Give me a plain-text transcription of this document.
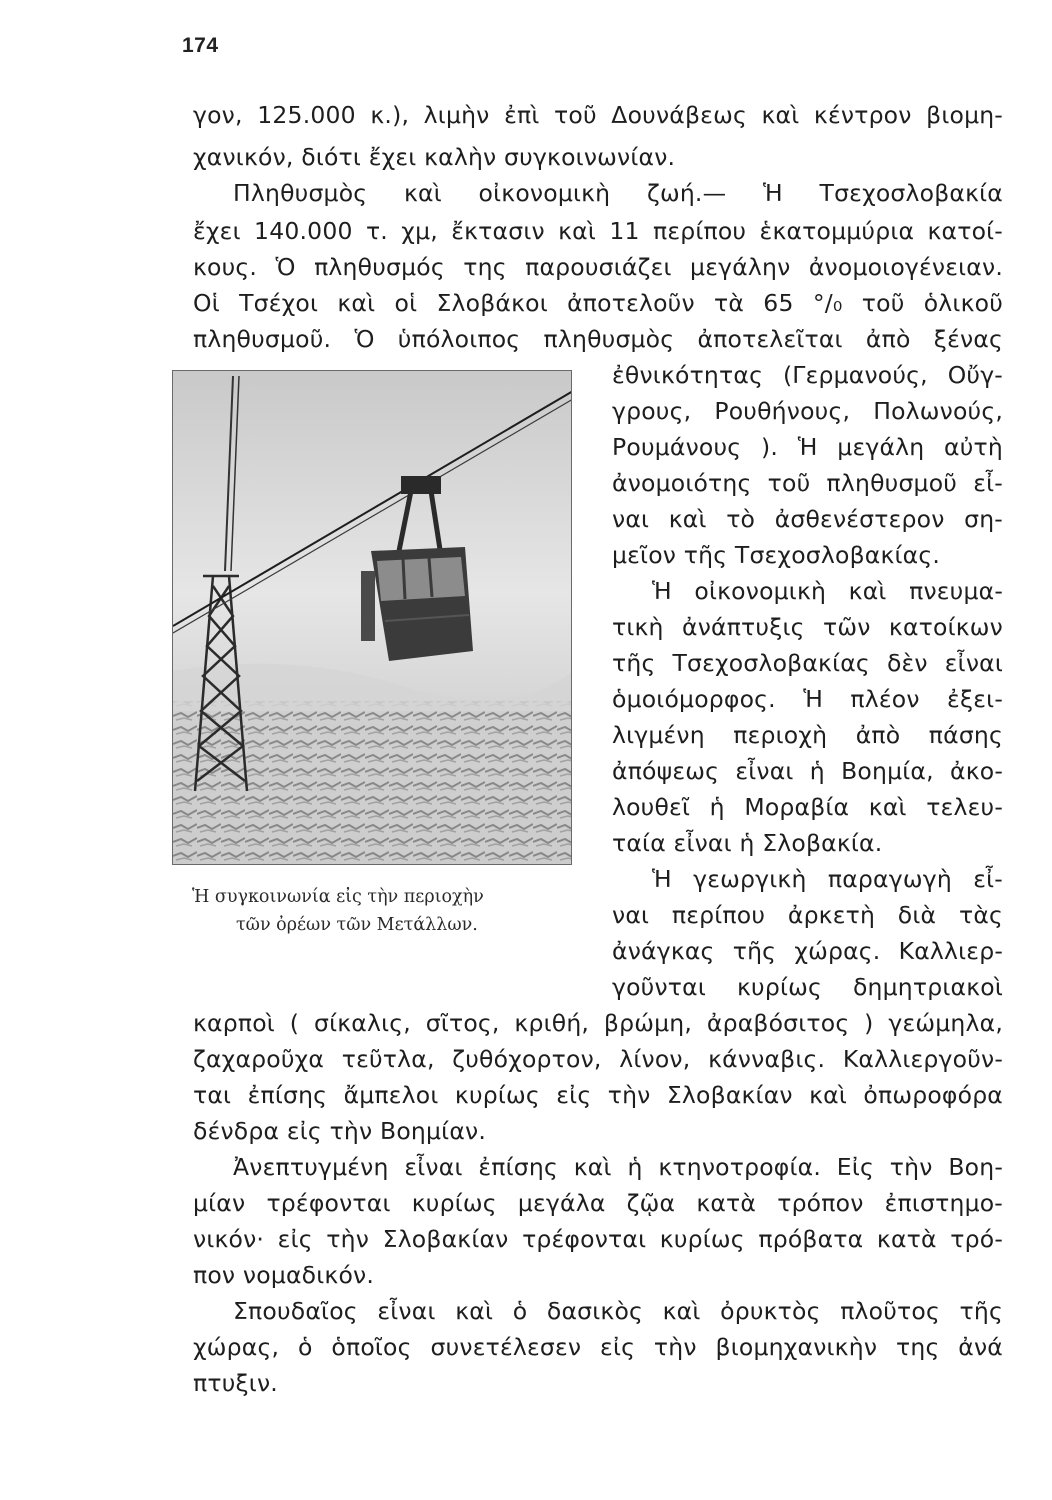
174
γον, 125.000 κ.), λιμὴν ἐπὶ τοῦ Δουνάβεως καὶ κέντρον βιομη-
χανικόν, διότι ἔχει καλὴν συγκοινωνίαν.
Πληθυσμὸς καὶ οἰκονομικὴ ζωή.— Ἡ Τσεχοσλοβακία
ἔχει 140.000 τ. χμ, ἔκτασιν καὶ 11 περίπου ἑκατομμύρια κατοί-
κους. Ὁ πληθυσμός της παρουσιάζει μεγάλην ἀνομοιογένειαν.
Οἱ Τσέχοι καὶ οἱ Σλοβάκοι ἀποτελοῦν τὰ 65 °/₀ τοῦ ὁλικοῦ
πληθυσμοῦ. Ὁ ὑπόλοιπος πληθυσμὸς ἀποτελεῖται ἀπὸ ξένας
ἐθνικότητας (Γερμανούς, Οὔγ-
γρους, Ρουθήνους, Πολωνούς,
Ρουμάνους ). Ἡ μεγάλη αὐτὴ
ἀνομοιότης τοῦ πληθυσμοῦ εἶ-
ναι καὶ τὸ ἀσθενέστερον ση-
μεῖον τῆς Τσεχοσλοβακίας.
Ἡ οἰκονομικὴ καὶ πνευμα-
τικὴ ἀνάπτυξις τῶν κατοίκων
τῆς Τσεχοσλοβακίας δὲν εἶναι
ὁμοιόμορφος. Ἡ πλέον ἐξει-
λιγμένη περιοχὴ ἀπὸ πάσης
ἀπόψεως εἶναι ἡ Βοημία, ἀκο-
λουθεῖ ἡ Μοραβία καὶ τελευ-
ταία εἶναι ἡ Σλοβακία.
Ἡ γεωργικὴ παραγωγὴ εἶ-
ναι περίπου ἀρκετὴ διὰ τὰς
ἀνάγκας τῆς χώρας. Καλλιερ-
γοῦνται κυρίως δημητριακοὶ
Ἡ συγκοινωνία εἰς τὴν περιοχὴν
τῶν ὀρέων τῶν Μετάλλων.
καρποὶ ( σίκαλις, σῖτος, κριθή, βρώμη, ἀραβόσιτος ) γεώμηλα,
ζαχαροῦχα τεῦτλα, ζυθόχορτον, λίνον, κάνναβις. Καλλιεργοῦν-
ται ἐπίσης ἄμπελοι κυρίως εἰς τὴν Σλοβακίαν καὶ ὀπωροφόρα
δένδρα εἰς τὴν Βοημίαν.
Ἀνεπτυγμένη εἶναι ἐπίσης καὶ ἡ κτηνοτροφία. Εἰς τὴν Βοη-
μίαν τρέφονται κυρίως μεγάλα ζῷα κατὰ τρόπον ἐπιστημο-
νικόν· εἰς τὴν Σλοβακίαν τρέφονται κυρίως πρόβατα κατὰ τρό-
πον νομαδικόν.
Σπουδαῖος εἶναι καὶ ὁ δασικὸς καὶ ὀρυκτὸς πλοῦτος τῆς
χώρας, ὁ ὁποῖος συνετέλεσεν εἰς τὴν βιομηχανικὴν της ἀνά
πτυξιν.
